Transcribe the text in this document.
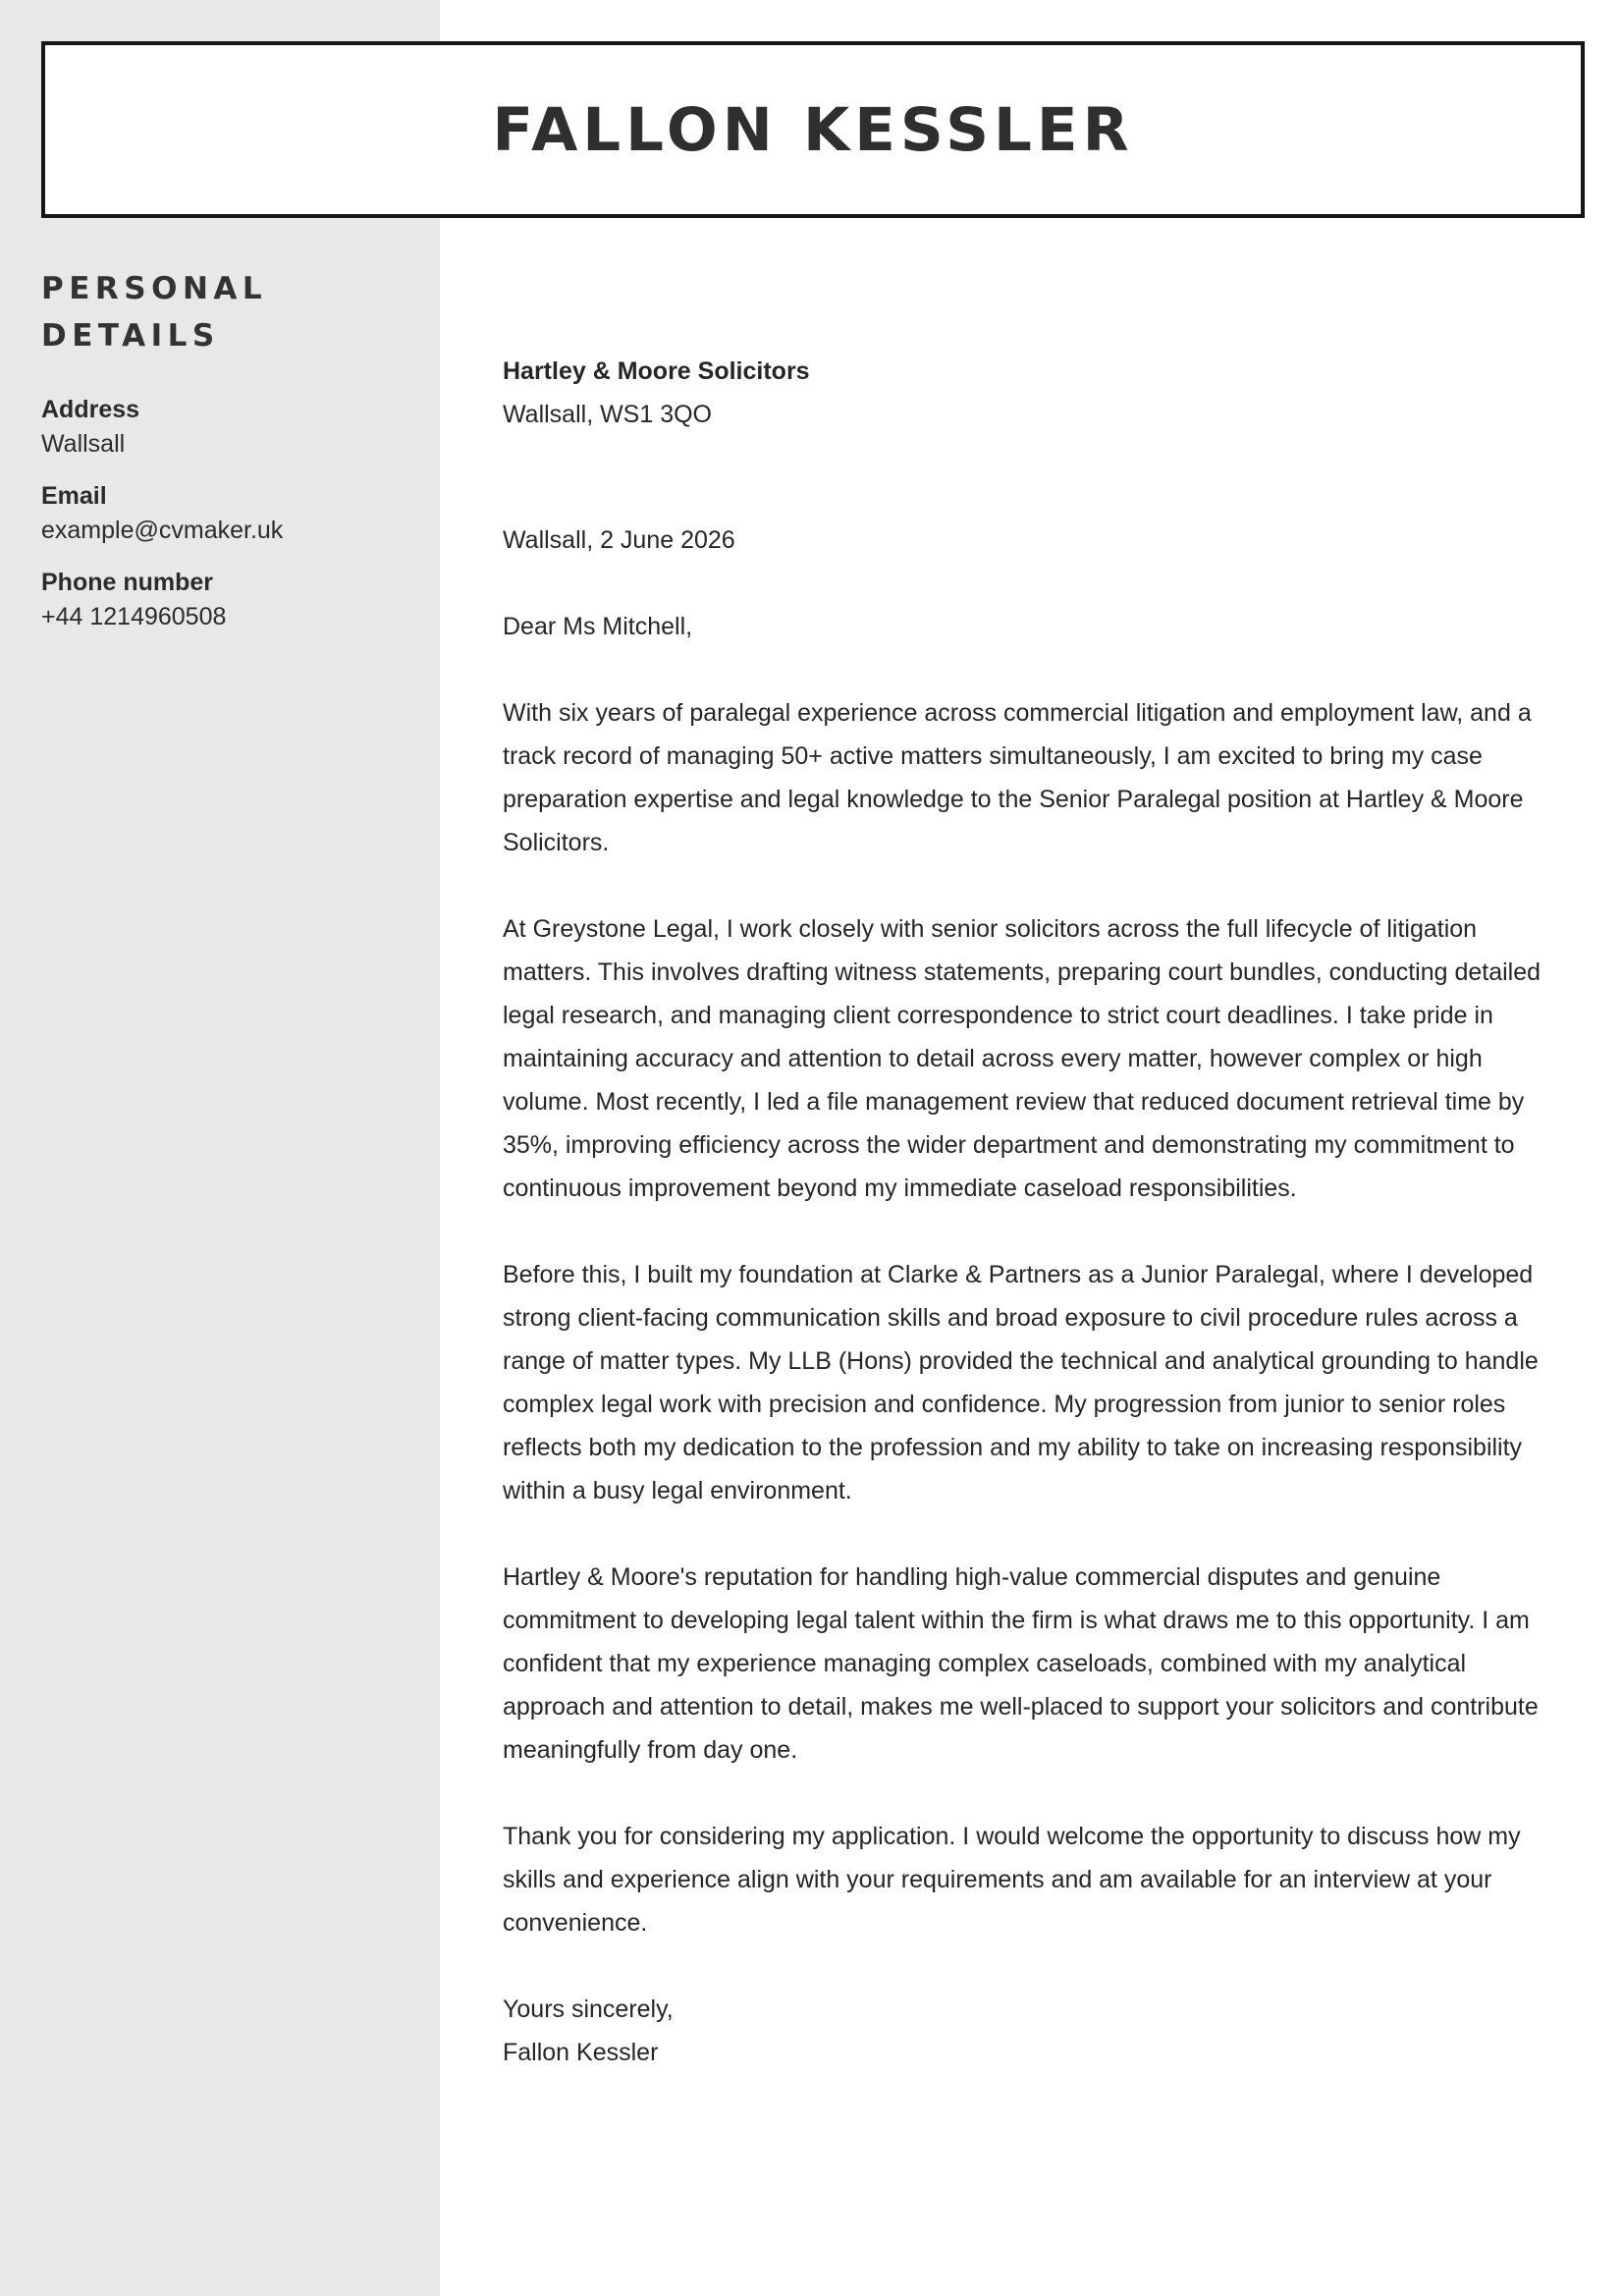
FALLON KESSLER
PERSONAL DETAILS
Address
Wallsall
Email
example@cvmaker.uk
Phone number
+44 1214960508
Hartley & Moore Solicitors
Wallsall, WS1 3QO

Wallsall, 2 June 2026

Dear Ms Mitchell,

With six years of paralegal experience across commercial litigation and employment law, and a track record of managing 50+ active matters simultaneously, I am excited to bring my case preparation expertise and legal knowledge to the Senior Paralegal position at Hartley & Moore Solicitors.

At Greystone Legal, I work closely with senior solicitors across the full lifecycle of litigation matters. This involves drafting witness statements, preparing court bundles, conducting detailed legal research, and managing client correspondence to strict court deadlines. I take pride in maintaining accuracy and attention to detail across every matter, however complex or high volume. Most recently, I led a file management review that reduced document retrieval time by 35%, improving efficiency across the wider department and demonstrating my commitment to continuous improvement beyond my immediate caseload responsibilities.

Before this, I built my foundation at Clarke & Partners as a Junior Paralegal, where I developed strong client-facing communication skills and broad exposure to civil procedure rules across a range of matter types. My LLB (Hons) provided the technical and analytical grounding to handle complex legal work with precision and confidence. My progression from junior to senior roles reflects both my dedication to the profession and my ability to take on increasing responsibility within a busy legal environment.

Hartley & Moore's reputation for handling high-value commercial disputes and genuine commitment to developing legal talent within the firm is what draws me to this opportunity. I am confident that my experience managing complex caseloads, combined with my analytical approach and attention to detail, makes me well-placed to support your solicitors and contribute meaningfully from day one.

Thank you for considering my application. I would welcome the opportunity to discuss how my skills and experience align with your requirements and am available for an interview at your convenience.

Yours sincerely,
Fallon Kessler
